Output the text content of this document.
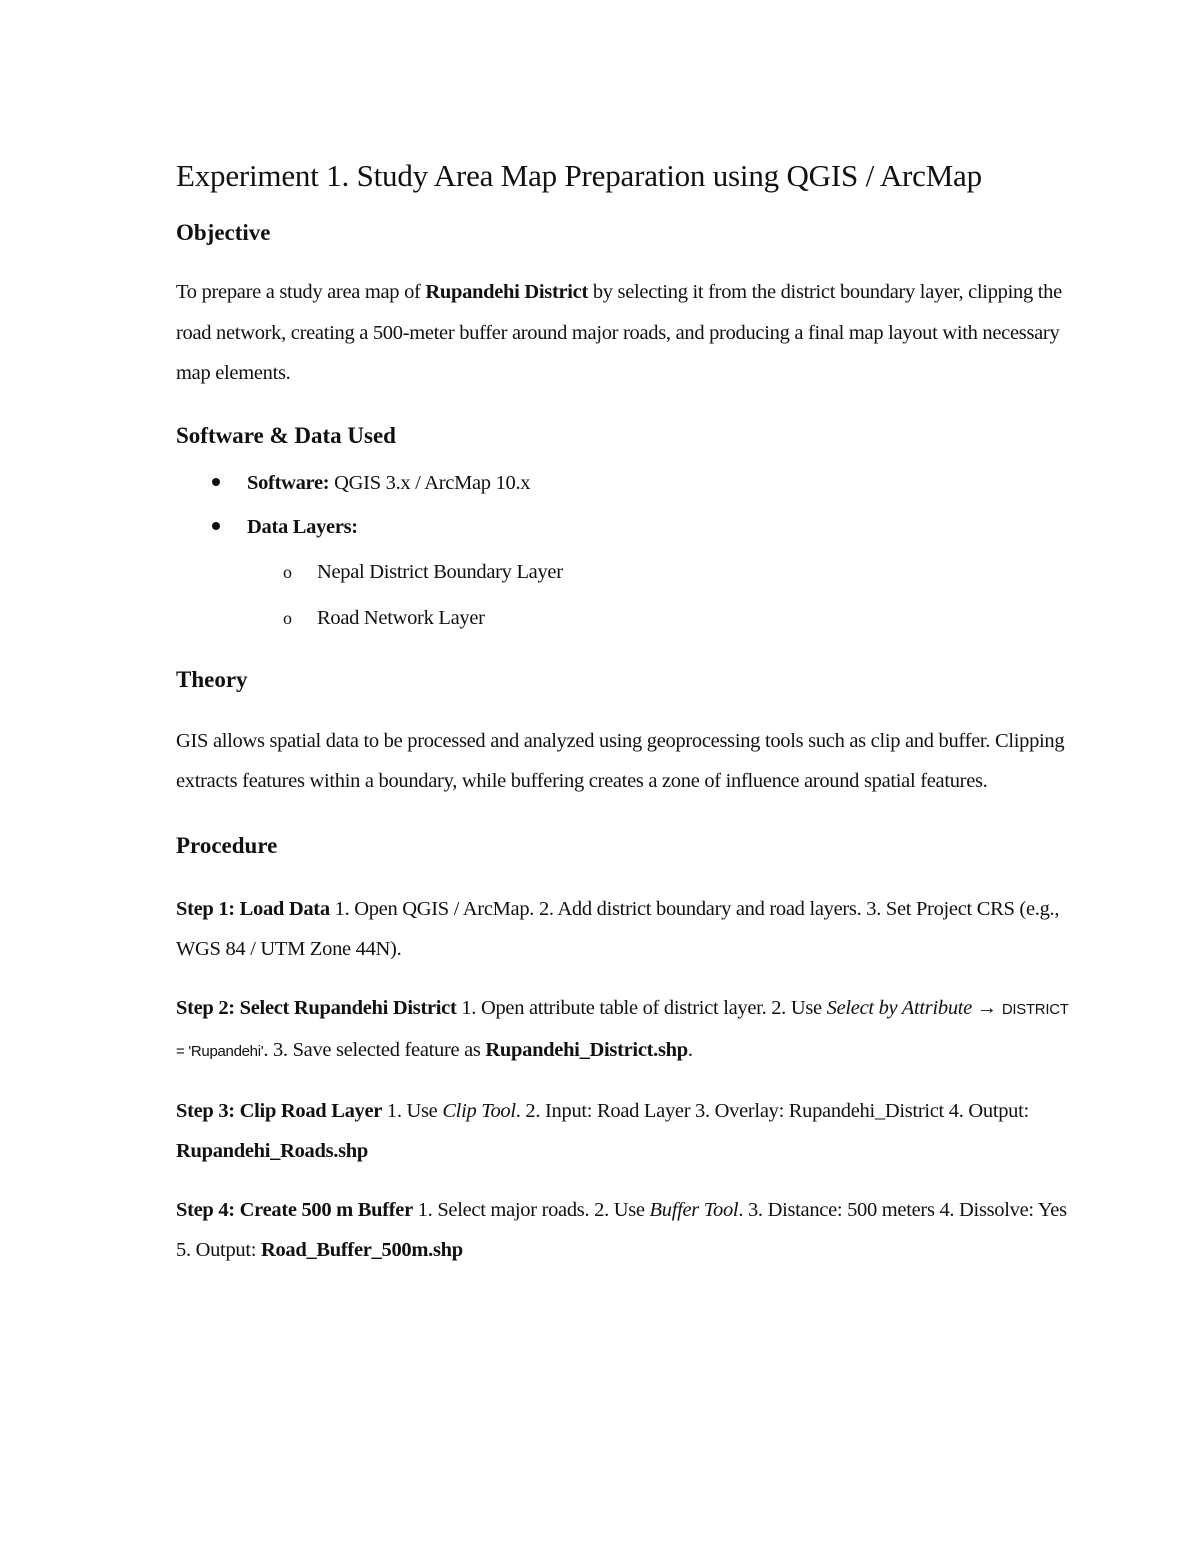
Experiment 1. Study Area Map Preparation using QGIS / ArcMap
Objective

To prepare a study area map of Rupandehi District by selecting it from the district boundary layer, clipping the road network, creating a 500-meter buffer around major roads, and producing a final map layout with necessary map elements.

Software & Data Used
Software: QGIS 3.x / ArcMap 10.x
Data Layers:
o Nepal District Boundary Layer
o Road Network Layer
Theory

GIS allows spatial data to be processed and analyzed using geoprocessing tools such as clip and buffer. Clipping extracts features within a boundary, while buffering creates a zone of influence around spatial features.

Procedure

Step 1: Load Data 1. Open QGIS / ArcMap. 2. Add district boundary and road layers. 3. Set Project CRS (e.g., WGS 84 / UTM Zone 44N).

Step 2: Select Rupandehi District 1. Open attribute table of district layer. 2. Use Select by Attribute → DISTRICT = 'Rupandehi'. 3. Save selected feature as Rupandehi_District.shp.

Step 3: Clip Road Layer 1. Use Clip Tool. 2. Input: Road Layer 3. Overlay: Rupandehi_District 4. Output: Rupandehi_Roads.shp

Step 4: Create 500 m Buffer 1. Select major roads. 2. Use Buffer Tool. 3. Distance: 500 meters 4. Dissolve: Yes 5. Output: Road_Buffer_500m.shp
